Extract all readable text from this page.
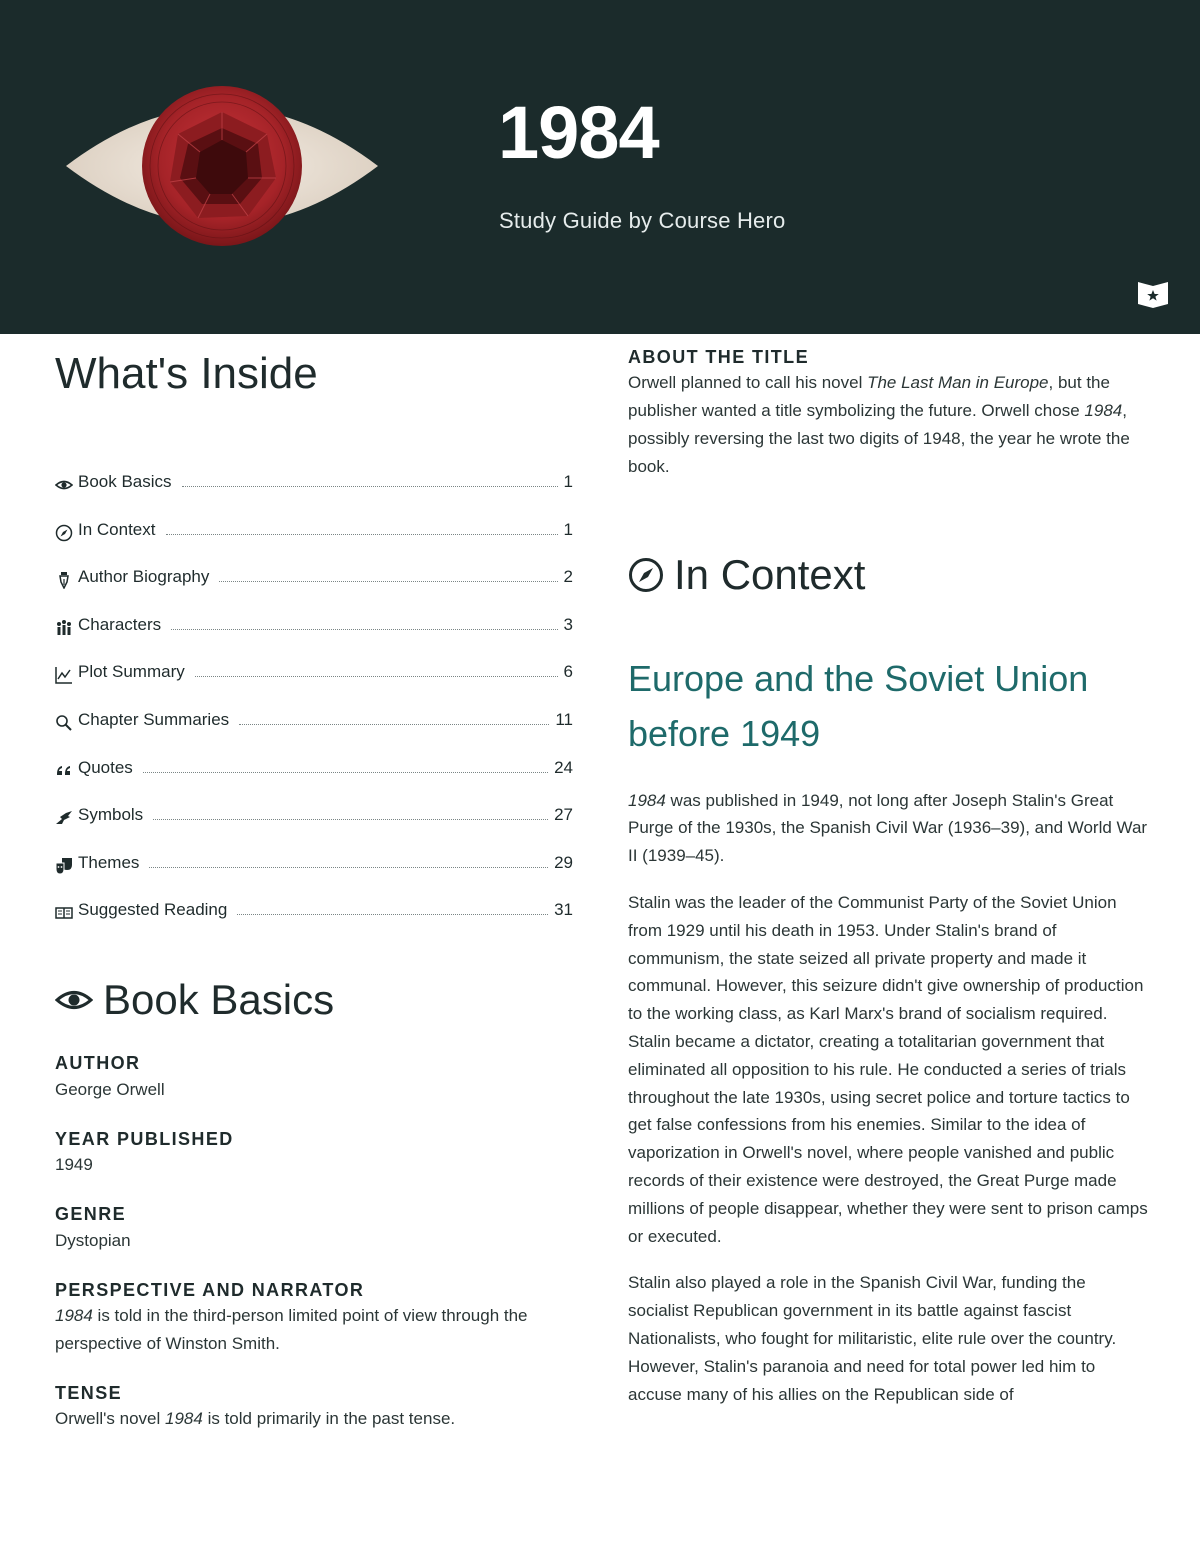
1984
Study Guide by Course Hero
What's Inside
Book Basics	1
In Context	1
Author Biography	2
Characters	3
Plot Summary	6
Chapter Summaries	11
Quotes	24
Symbols	27
Themes	29
Suggested Reading	31
Book Basics
AUTHOR
George Orwell
YEAR PUBLISHED
1949
GENRE
Dystopian
PERSPECTIVE AND NARRATOR
1984 is told in the third-person limited point of view through the perspective of Winston Smith.
TENSE
Orwell's novel 1984 is told primarily in the past tense.
ABOUT THE TITLE

Orwell planned to call his novel The Last Man in Europe, but the publisher wanted a title symbolizing the future. Orwell chose 1984, possibly reversing the last two digits of 1948, the year he wrote the book.

In Context
Europe and the Soviet Union before 1949

1984 was published in 1949, not long after Joseph Stalin's Great Purge of the 1930s, the Spanish Civil War (1936–39), and World War II (1939–45).

Stalin was the leader of the Communist Party of the Soviet Union from 1929 until his death in 1953. Under Stalin's brand of communism, the state seized all private property and made it communal. However, this seizure didn't give ownership of production to the working class, as Karl Marx's brand of socialism required. Stalin became a dictator, creating a totalitarian government that eliminated all opposition to his rule. He conducted a series of trials throughout the late 1930s, using secret police and torture tactics to get false confessions from his enemies. Similar to the idea of vaporization in Orwell's novel, where people vanished and public records of their existence were destroyed, the Great Purge made millions of people disappear, whether they were sent to prison camps or executed.

Stalin also played a role in the Spanish Civil War, funding the socialist Republican government in its battle against fascist Nationalists, who fought for militaristic, elite rule over the country. However, Stalin's paranoia and need for total power led him to accuse many of his allies on the Republican side of
